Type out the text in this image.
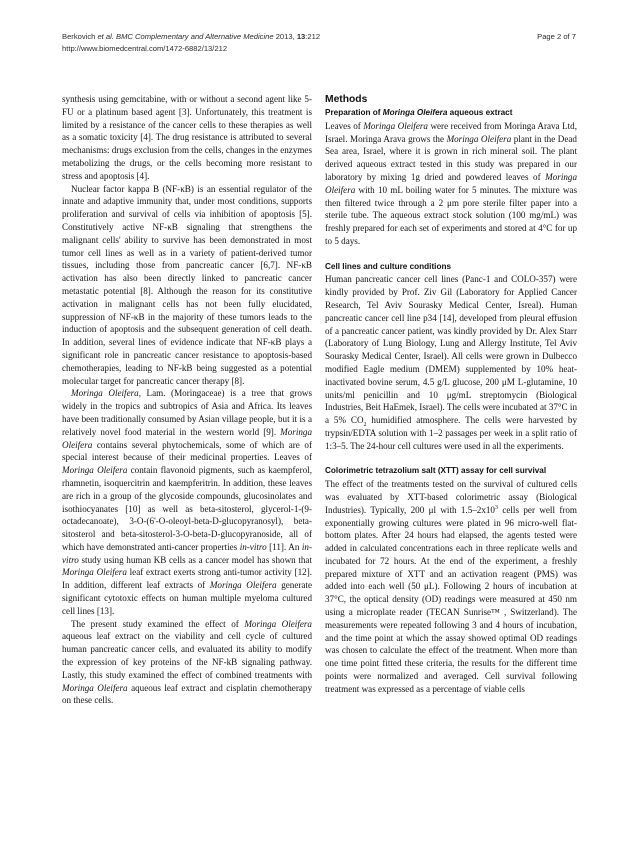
Berkovich et al. BMC Complementary and Alternative Medicine 2013, 13:212
http://www.biomedcentral.com/1472-6882/13/212
Page 2 of 7

synthesis using gemcitabine, with or without a second agent like 5-FU or a platinum based agent [3]. Unfortunately, this treatment is limited by a resistance of the cancer cells to these therapies as well as a somatic toxicity [4]. The drug resistance is attributed to several mechanisms: drugs exclusion from the cells, changes in the enzymes metabolizing the drugs, or the cells becoming more resistant to stress and apoptosis [4].

Nuclear factor kappa B (NF-κB) is an essential regulator of the innate and adaptive immunity that, under most conditions, supports proliferation and survival of cells via inhibition of apoptosis [5]. Constitutively active NF-κB signaling that strengthens the malignant cells' ability to survive has been demonstrated in most tumor cell lines as well as in a variety of patient-derived tumor tissues, including those from pancreatic cancer [6,7]. NF-κB activation has also been directly linked to pancreatic cancer metastatic potential [8]. Although the reason for its constitutive activation in malignant cells has not been fully elucidated, suppression of NF-κB in the majority of these tumors leads to the induction of apoptosis and the subsequent generation of cell death. In addition, several lines of evidence indicate that NF-κB plays a significant role in pancreatic cancer resistance to apoptosis-based chemotherapies, leading to NF-kB being suggested as a potential molecular target for pancreatic cancer therapy [8].

Moringa Oleifera, Lam. (Moringaceae) is a tree that grows widely in the tropics and subtropics of Asia and Africa. Its leaves have been traditionally consumed by Asian village people, but it is a relatively novel food material in the western world [9]. Moringa Oleifera contains several phytochemicals, some of which are of special interest because of their medicinal properties. Leaves of Moringa Oleifera contain flavonoid pigments, such as kaempferol, rhamnetin, isoquercitrin and kaempferitrin. In addition, these leaves are rich in a group of the glycoside compounds, glucosinolates and isothiocyanates [10] as well as beta-sitosterol, glycerol-1-(9-octadecanoate), 3-O-(6'-O-oleoyl-beta-D-glucopyranosyl), beta-sitosterol and beta-sitosterol-3-O-beta-D-glucopyranoside, all of which have demonstrated anti-cancer properties in-vitro [11]. An in-vitro study using human KB cells as a cancer model has shown that Moringa Oleifera leaf extract exerts strong anti-tumor activity [12]. In addition, different leaf extracts of Moringa Oleifera generate significant cytotoxic effects on human multiple myeloma cultured cell lines [13].

The present study examined the effect of Moringa Oleifera aqueous leaf extract on the viability and cell cycle of cultured human pancreatic cancer cells, and evaluated its ability to modify the expression of key proteins of the NF-kB signaling pathway. Lastly, this study examined the effect of combined treatments with Moringa Oleifera aqueous leaf extract and cisplatin chemotherapy on these cells.

Methods
Preparation of Moringa Oleifera aqueous extract

Leaves of Moringa Oleifera were received from Moringa Arava Ltd, Israel. Moringa Arava grows the Moringa Oleifera plant in the Dead Sea area, Israel, where it is grown in rich mineral soil. The plant derived aqueous extract tested in this study was prepared in our laboratory by mixing 1g dried and powdered leaves of Moringa Oleifera with 10 mL boiling water for 5 minutes. The mixture was then filtered twice through a 2 μm pore sterile filter paper into a sterile tube. The aqueous extract stock solution (100 mg/mL) was freshly prepared for each set of experiments and stored at 4°C for up to 5 days.

Cell lines and culture conditions

Human pancreatic cancer cell lines (Panc-1 and COLO-357) were kindly provided by Prof. Ziv Gil (Laboratory for Applied Cancer Research, Tel Aviv Sourasky Medical Center, Isreal). Human pancreatic cancer cell line p34 [14], developed from pleural effusion of a pancreatic cancer patient, was kindly provided by Dr. Alex Starr (Laboratory of Lung Biology, Lung and Allergy Institute, Tel Aviv Sourasky Medical Center, Israel). All cells were grown in Dulbecco modified Eagle medium (DMEM) supplemented by 10% heat-inactivated bovine serum, 4.5 g/L glucose, 200 μM L-glutamine, 10 units/ml penicillin and 10 μg/mL streptomycin (Biological Industries, Beit HaEmek, Israel). The cells were incubated at 37°C in a 5% $CO_2$ humidified atmosphere. The cells were harvested by trypsin/EDTA solution with 1–2 passages per week in a split ratio of 1:3–5. The 24-hour cell cultures were used in all the experiments.

Colorimetric tetrazolium salt (XTT) assay for cell survival

The effect of the treatments tested on the survival of cultured cells was evaluated by XTT-based colorimetric assay (Biological Industries). Typically, 200 μl with $1.5-2x10^3$ cells per well from exponentially growing cultures were plated in 96 micro-well flat-bottom plates. After 24 hours had elapsed, the agents tested were added in calculated concentrations each in three replicate wells and incubated for 72 hours. At the end of the experiment, a freshly prepared mixture of XTT and an activation reagent (PMS) was added into each well (50 μL). Following 2 hours of incubation at 37°C, the optical density (OD) readings were measured at 450 nm using a microplate reader (TECAN Sunrise™ , Switzerland). The measurements were repeated following 3 and 4 hours of incubation, and the time point at which the assay showed optimal OD readings was chosen to calculate the effect of the treatment. When more than one time point fitted these criteria, the results for the different time points were normalized and averaged. Cell survival following treatment was expressed as a percentage of viable cells
